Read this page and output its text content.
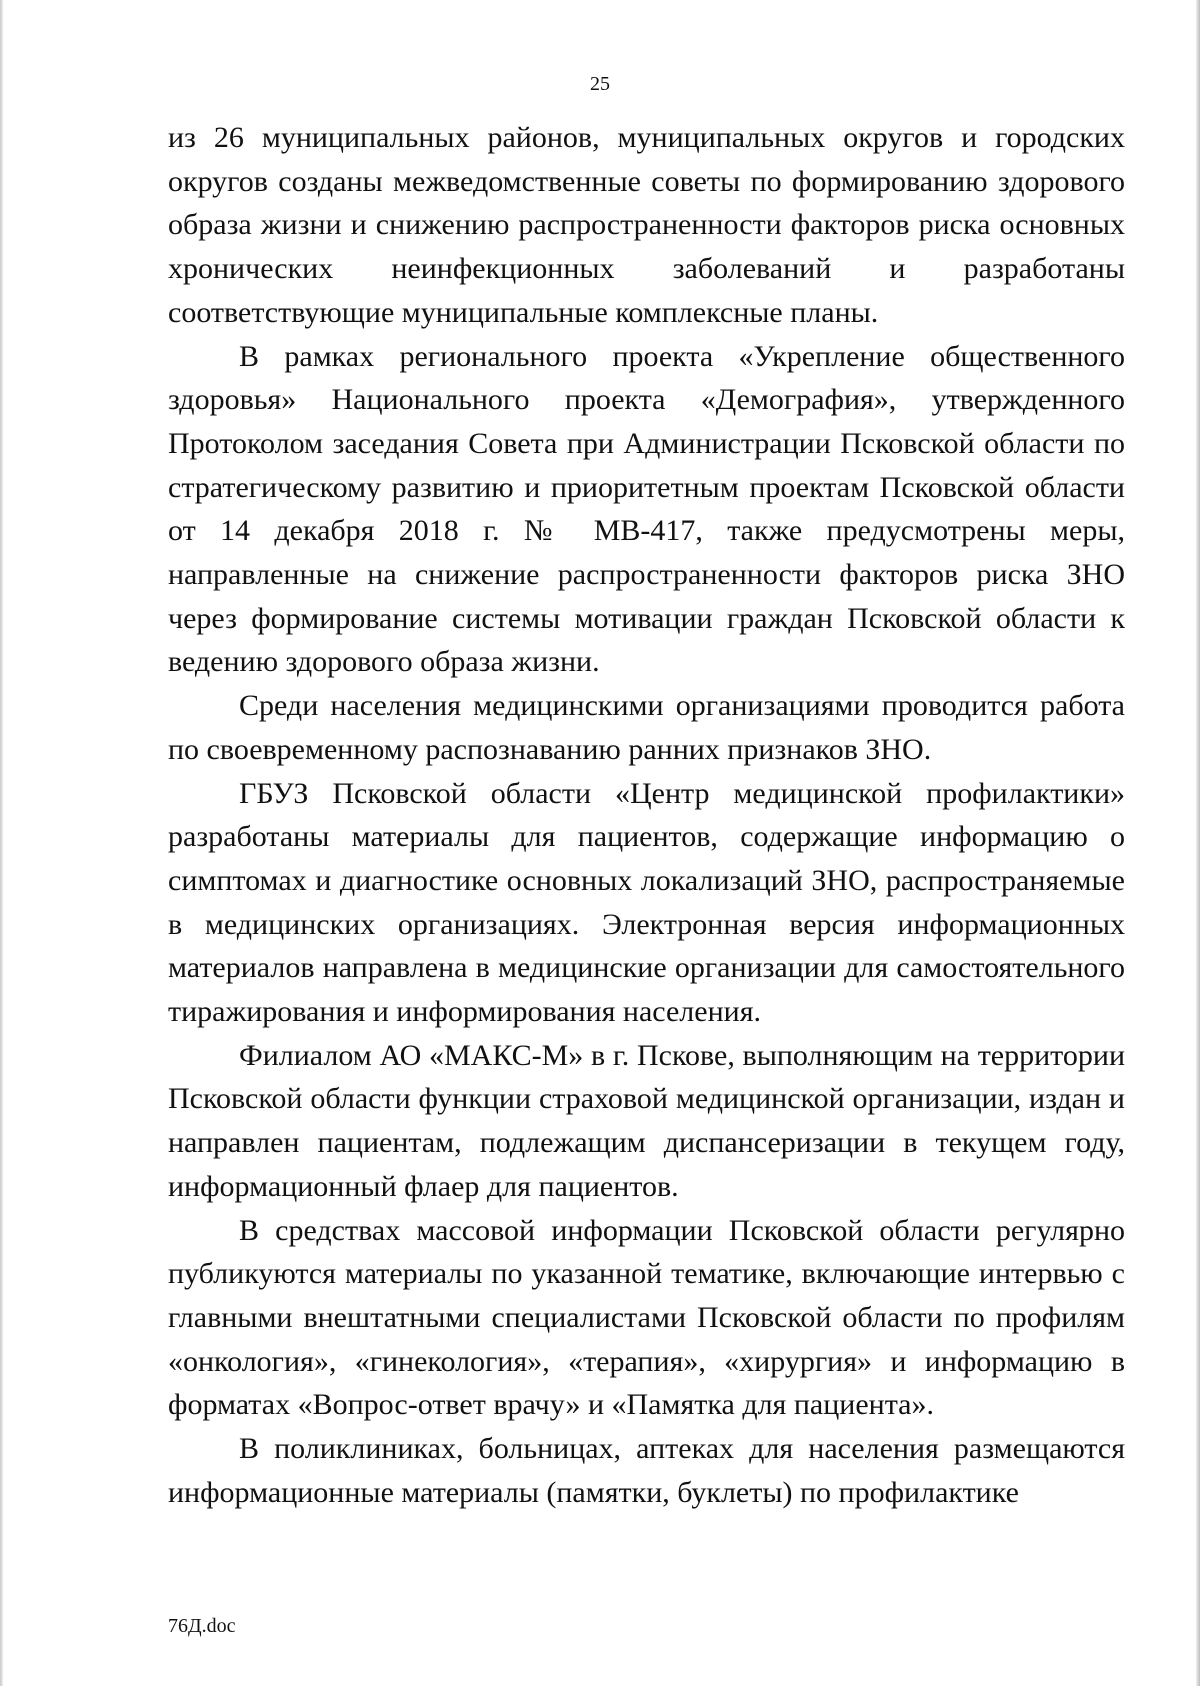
25

из 26 муниципальных районов, муниципальных округов и городских округов созданы межведомственные советы по формированию здорового образа жизни и снижению распространенности факторов риска основных хронических неинфекционных заболеваний и разработаны соответствующие муниципальные комплексные планы.

В рамках регионального проекта «Укрепление общественного здоровья» Национального проекта «Демография», утвержденного Протоколом заседания Совета при Администрации Псковской области по стратегическому развитию и приоритетным проектам Псковской области от 14 декабря 2018 г. № МВ-417, также предусмотрены меры, направленные на снижение распространенности факторов риска ЗНО через формирование системы мотивации граждан Псковской области к ведению здорового образа жизни.

Среди населения медицинскими организациями проводится работа по своевременному распознаванию ранних признаков ЗНО.

ГБУЗ Псковской области «Центр медицинской профилактики» разработаны материалы для пациентов, содержащие информацию о симптомах и диагностике основных локализаций ЗНО, распространяемые в медицинских организациях. Электронная версия информационных материалов направлена в медицинские организации для самостоятельного тиражирования и информирования населения.

Филиалом АО «МАКС-М» в г. Пскове, выполняющим на территории Псковской области функции страховой медицинской организации, издан и направлен пациентам, подлежащим диспансеризации в текущем году, информационный флаер для пациентов.

В средствах массовой информации Псковской области регулярно публикуются материалы по указанной тематике, включающие интервью с главными внештатными специалистами Псковской области по профилям «онкология», «гинекология», «терапия», «хирургия» и информацию в форматах «Вопрос-ответ врачу» и «Памятка для пациента».

В поликлиниках, больницах, аптеках для населения размещаются информационные материалы (памятки, буклеты) по профилактике

76Д.doc
